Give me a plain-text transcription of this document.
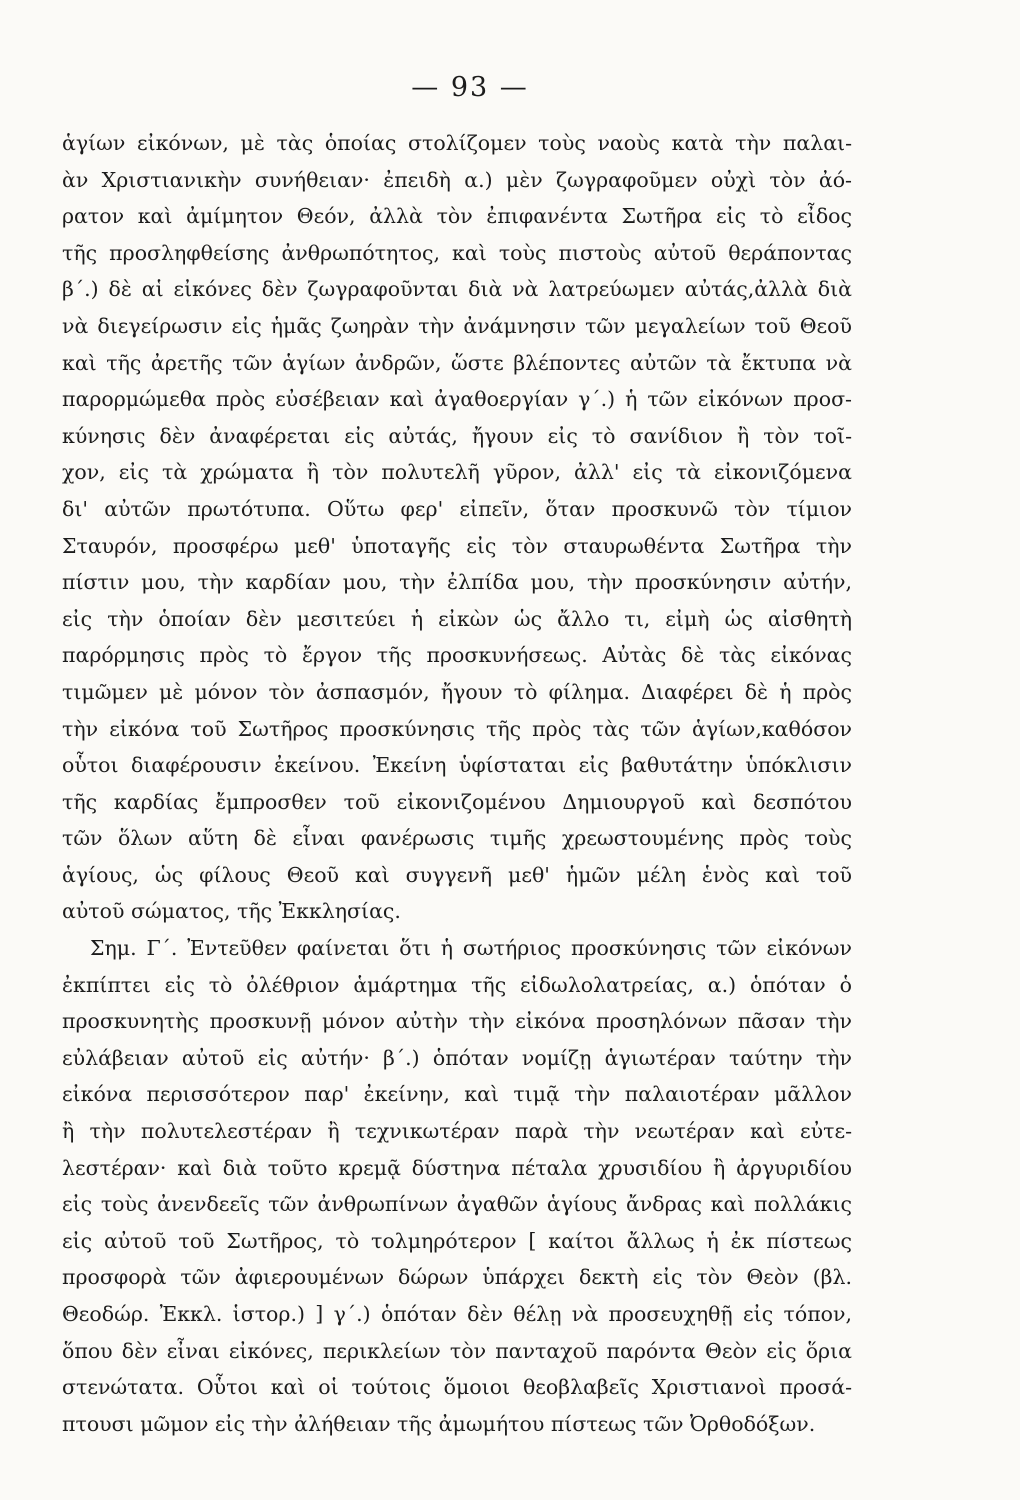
— 93 —
ἁγίων εἰκόνων, μὲ τὰς ὁποίας στολίζομεν τοὺς ναοὺς κατὰ τὴν παλαι-
ὰν Χριστιανικὴν συνήθειαν· ἐπειδὴ α.) μὲν ζωγραφοῦμεν οὐχὶ τὸν ἀό-
ρατον καὶ ἀμίμητον Θεόν, ἀλλὰ τὸν ἐπιφανέντα Σωτῆρα εἰς τὸ εἶδος
τῆς προσληφθείσης ἀνθρωπότητος, καὶ τοὺς πιστοὺς αὐτοῦ θεράποντας
β΄.) δὲ αἱ εἰκόνες δὲν ζωγραφοῦνται διὰ νὰ λατρεύωμεν αὐτάς,ἀλλὰ διὰ
νὰ διεγείρωσιν εἰς ἡμᾶς ζωηρὰν τὴν ἀνάμνησιν τῶν μεγαλείων τοῦ Θεοῦ
καὶ τῆς ἀρετῆς τῶν ἁγίων ἀνδρῶν, ὥστε βλέποντες αὐτῶν τὰ ἔκτυπα νὰ
παρορμώμεθα πρὸς εὐσέβειαν καὶ ἀγαθοεργίαν γ΄.) ἡ τῶν εἰκόνων προσ-
κύνησις δὲν ἀναφέρεται εἰς αὐτάς, ἤγουν εἰς τὸ σανίδιον ἢ τὸν τοῖ-
χον, εἰς τὰ χρώματα ἢ τὸν πολυτελῆ γῦρον, ἀλλ' εἰς τὰ εἰκονιζόμενα
δι' αὐτῶν πρωτότυπα. Οὕτω φερ' εἰπεῖν, ὅταν προσκυνῶ τὸν τίμιον
Σταυρόν, προσφέρω μεθ' ὑποταγῆς εἰς τὸν σταυρωθέντα Σωτῆρα τὴν
πίστιν μου, τὴν καρδίαν μου, τὴν ἐλπίδα μου, τὴν προσκύνησιν αὐτήν,
εἰς τὴν ὁποίαν δὲν μεσιτεύει ἡ εἰκὼν ὡς ἄλλο τι, εἰμὴ ὡς αἰσθητὴ
παρόρμησις πρὸς τὸ ἔργον τῆς προσκυνήσεως. Αὐτὰς δὲ τὰς εἰκόνας
τιμῶμεν μὲ μόνον τὸν ἀσπασμόν, ἤγουν τὸ φίλημα. Διαφέρει δὲ ἡ πρὸς
τὴν εἰκόνα τοῦ Σωτῆρος προσκύνησις τῆς πρὸς τὰς τῶν ἁγίων,καθόσον
οὗτοι διαφέρουσιν ἐκείνου. Ἐκείνη ὑφίσταται εἰς βαθυτάτην ὑπόκλισιν
τῆς καρδίας ἔμπροσθεν τοῦ εἰκονιζομένου Δημιουργοῦ καὶ δεσπότου
τῶν ὅλων αὕτη δὲ εἶναι φανέρωσις τιμῆς χρεωστουμένης πρὸς τοὺς
ἁγίους, ὡς φίλους Θεοῦ καὶ συγγενῆ μεθ' ἡμῶν μέλη ἑνὸς καὶ τοῦ
αὐτοῦ σώματος, τῆς Ἐκκλησίας.
Σημ. Γ΄. Ἐντεῦθεν φαίνεται ὅτι ἡ σωτήριος προσκύνησις τῶν εἰκόνων
ἐκπίπτει εἰς τὸ ὀλέθριον ἁμάρτημα τῆς εἰδωλολατρείας, α.) ὁπόταν ὁ
προσκυνητὴς προσκυνῇ μόνον αὐτὴν τὴν εἰκόνα προσηλόνων πᾶσαν τὴν
εὐλάβειαν αὐτοῦ εἰς αὐτήν· β΄.) ὁπόταν νομίζῃ ἁγιωτέραν ταύτην τὴν
εἰκόνα περισσότερον παρ' ἐκείνην, καὶ τιμᾷ τὴν παλαιοτέραν μᾶλλον
ἢ τὴν πολυτελεστέραν ἢ τεχνικωτέραν παρὰ τὴν νεωτέραν καὶ εὐτε-
λεστέραν· καὶ διὰ τοῦτο κρεμᾷ δύστηνα πέταλα χρυσιδίου ἢ ἀργυριδίου
εἰς τοὺς ἀνενδεεῖς τῶν ἀνθρωπίνων ἀγαθῶν ἁγίους ἄνδρας καὶ πολλάκις
εἰς αὐτοῦ τοῦ Σωτῆρος, τὸ τολμηρότερον [ καίτοι ἄλλως ἡ ἐκ πίστεως
προσφορὰ τῶν ἀφιερουμένων δώρων ὑπάρχει δεκτὴ εἰς τὸν Θεὸν (βλ.
Θεοδώρ. Ἐκκλ. ἱστορ.) ] γ΄.) ὁπόταν δὲν θέλῃ νὰ προσευχηθῇ εἰς τόπον,
ὅπου δὲν εἶναι εἰκόνες, περικλείων τὸν πανταχοῦ παρόντα Θεὸν εἰς ὅρια
στενώτατα. Οὗτοι καὶ οἱ τούτοις ὅμοιοι θεοβλαβεῖς Χριστιανοὶ προσά-
πτουσι μῶμον εἰς τὴν ἀλήθειαν τῆς ἀμωμήτου πίστεως τῶν Ὀρθοδόξων.
